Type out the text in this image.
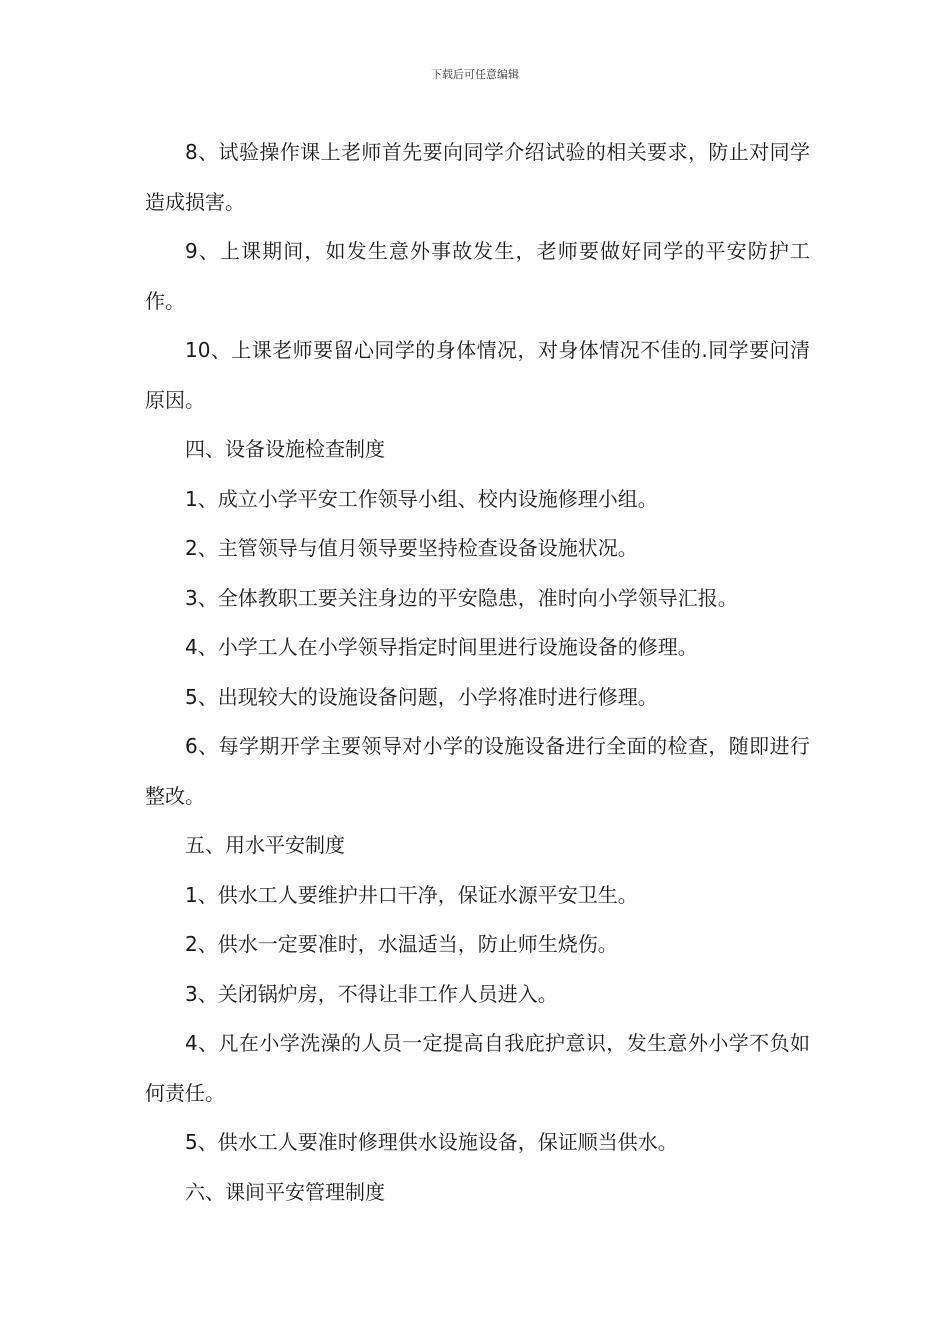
下载后可任意编辑

8、试验操作课上老师首先要向同学介绍试验的相关要求，防止对同学造成损害。

9、上课期间，如发生意外事故发生，老师要做好同学的平安防护工作。

10、上课老师要留心同学的身体情况，对身体情况不佳的.同学要问清原因。

四、设备设施检查制度

1、成立小学平安工作领导小组、校内设施修理小组。

2、主管领导与值月领导要坚持检查设备设施状况。

3、全体教职工要关注身边的平安隐患，准时向小学领导汇报。

4、小学工人在小学领导指定时间里进行设施设备的修理。

5、出现较大的设施设备问题，小学将准时进行修理。

6、每学期开学主要领导对小学的设施设备进行全面的检查，随即进行整改。

五、用水平安制度

1、供水工人要维护井口干净，保证水源平安卫生。

2、供水一定要准时，水温适当，防止师生烧伤。

3、关闭锅炉房，不得让非工作人员进入。

4、凡在小学洗澡的人员一定提高自我庇护意识，发生意外小学不负如何责任。

5、供水工人要准时修理供水设施设备，保证顺当供水。

六、课间平安管理制度
